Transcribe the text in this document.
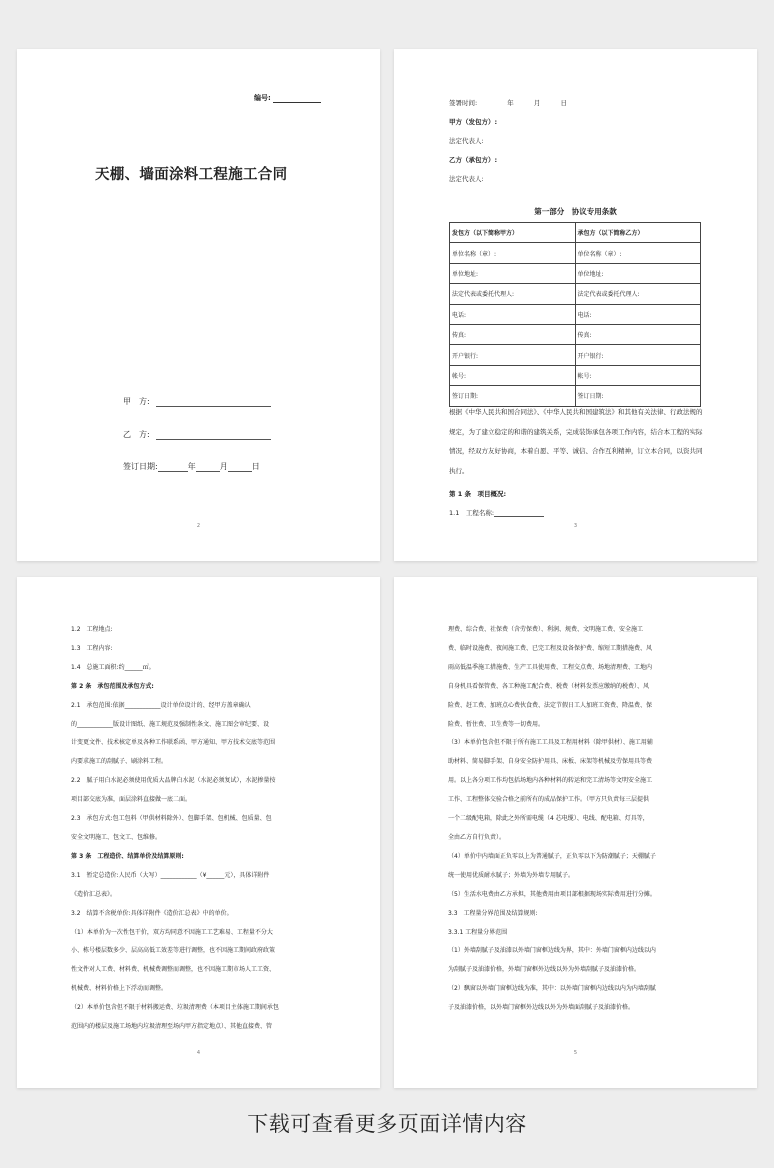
编号:
天棚、墙面涂料工程施工合同
甲　方:
乙　方:
签订日期:	年	月	日
2
签署时间:	年	月	日
甲方（发包方）:
法定代表人:
乙方（承包方）:
法定代表人:
第一部分　协议专用条款
发包方（以下简称甲方）	承包方（以下简称乙方）
单位名称（章）:	单位名称（章）:
单位地址:	单位地址:
法定代表或委托代理人:	法定代表或委托代理人:
电话:	电话:
传真:	传真:
开户银行:	开户银行:
帐号:	帐号:
签订日期:	签订日期:
根据《中华人民共和国合同法》、《中华人民共和国建筑法》和其他有关法律、行政法规的规定，为了建立稳定的和谐的建筑关系，完成装饰承包各项工作内容，结合本工程的实际情况，经双方友好协商，本着自愿、平等、诚信、合作互利精神，订立本合同，以资共同执行。
第 1 条　项目概况:
1.1　工程名称:
3

1.2　工程地点:

1.3　工程内容:

1.4　总施工面积:约______㎡。

第 2 条　承包范围及承包方式:

2.1　承包范围:依据____________设计单位设计的、经甲方盖章确认

的____________版设计图纸、施工规范及强制性条文、施工图会审纪要、设

计变更文件、技术核定单及各种工作联系函、甲方通知、甲方技术交底等范围

内要求施工的刮腻子、刷涂料工程。

2.2　腻子用白水泥必须使用优质大品牌白水泥（水泥必须复试），水泥掺量按

项目部交底为准，面层涂料直接做一底二面。

2.3　承包方式:包工包料（甲供材料除外）、包脚手架、包机械、包质量、包

安全文明施工、包文工、包维修。

第 3 条　工程造价、结算单价及结算原则:

3.1　暂定总造价:人民币（大写）____________（¥______元），具体详附件

《造价汇总表》。

3.2　结算不含税单价:具体详附件《造价汇总表》中的单价。

（1）本单价为一次性包干价，双方均同意不因施工工艺难易、工程量不分大

小、栋号楼层数多少、层高高低工效差等进行调整，也不因施工期间政府政策

性文件对人工费、材料费、机械费调整而调整，也不因施工期市场人工工资、

机械费、材料价格上下浮动而调整。

（2）本单价包含但不限于材料搬运费、垃圾清理费（本项目主体施工期间承包

范围内的楼层及施工场地内垃圾清理至场内甲方指定地点）、其他直接费、管

4

理费、综合费、社保费（含劳保费）、利润、规费、文明施工费、安全施工

费、临时设施费、夜间施工费、已完工程及设备保护费、缩短工期措施费、风

雨高低温季施工措施费、生产工具使用费、工程交点费、场地清理费、工地内

自身机具看保管费、各工种施工配合费、税费（材料发票应缴纳的税费）、风

险费、赶工费、加班点心费伙食费、法定节假日工人加班工资费、降温费、保

险费、暂住费、卫生费等一切费用。

（3）本单价包含但不限于所有施工工具及工程用材料（除甲供材）、施工用辅

助材料、简易脚手架、自身安全防护用具、床板、床架等机械及劳保用具等费

用。以上各分项工作均包括场地内各种材料的转运和完工清场等文明安全施工

工作、工程整体交验合格之前所有的成品保护工作。（甲方只负责每三层提供

一个二级配电箱，除此之外所需电缆（4 芯电缆）、电线、配电箱、灯具等，

全由乙方自行负责）。

（4）单价中内墙面正负零以上为普通腻子，正负零以下为防潮腻子；天棚腻子

统一使用优质耐水腻子；外墙为外墙专用腻子。

（5）生活水电费由乙方承担，其他费用由项目部根据现场实际费用进行分摊。

3.3　工程量分界范围及结算规则:

3.3.1 工程量分界范围

（1）外墙刮腻子及油漆以外墙门窗框边线为界，其中：外墙门窗框内边线以内

为刮腻子及油漆价格，外墙门窗框外边线以外为外墙刮腻子及油漆价格。

（2）飘窗以外墙门窗框边线为准，其中：以外墙门窗框内边线以内为内墙刮腻

子及油漆价格，以外墙门窗框外边线以外为外墙面刮腻子及油漆价格。

5
下载可查看更多页面详情内容
